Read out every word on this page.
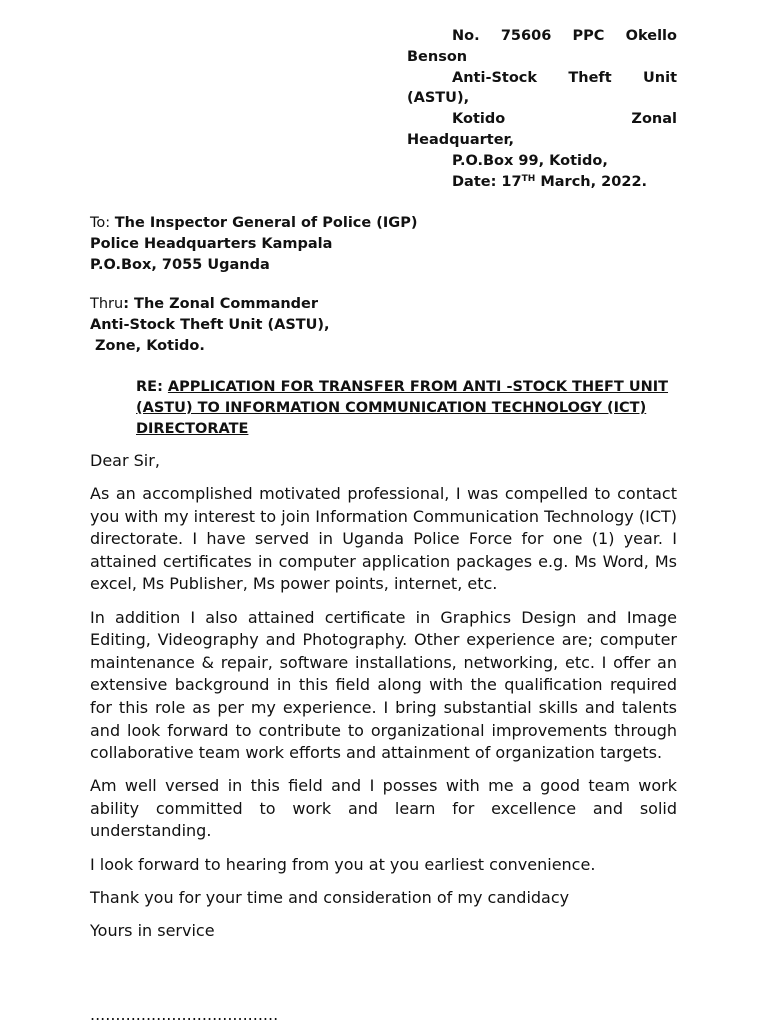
No. 75606 PPC Okello
Benson
Anti-Stock Theft Unit
(ASTU),
Kotido Zonal
Headquarter,
P.O.Box 99, Kotido,
Date: 17TH March, 2022.
To: The Inspector General of Police (IGP)
Police Headquarters Kampala
P.O.Box, 7055 Uganda
Thru: The Zonal Commander
Anti-Stock Theft Unit (ASTU),
Zone, Kotido.
RE: APPLICATION FOR TRANSFER FROM ANTI -STOCK THEFT UNIT (ASTU) TO INFORMATION COMMUNICATION TECHNOLOGY (ICT) DIRECTORATE

Dear Sir,

As an accomplished motivated professional, I was compelled to contact you with my interest to join Information Communication Technology (ICT) directorate. I have served in Uganda Police Force for one (1) year. I attained certificates in computer application packages e.g. Ms Word, Ms excel, Ms Publisher, Ms power points, internet, etc.

In addition I also attained certificate in Graphics Design and Image Editing, Videography and Photography. Other experience are; computer maintenance & repair, software installations, networking, etc. I offer an extensive background in this field along with the qualification required for this role as per my experience. I bring substantial skills and talents and look forward to contribute to organizational improvements through collaborative team work efforts and attainment of organization targets.

Am well versed in this field and I posses with me a good team work ability committed to work and learn for excellence and solid understanding.

I look forward to hearing from you at you earliest convenience.

Thank you for your time and consideration of my candidacy

Yours in service

.....................................
